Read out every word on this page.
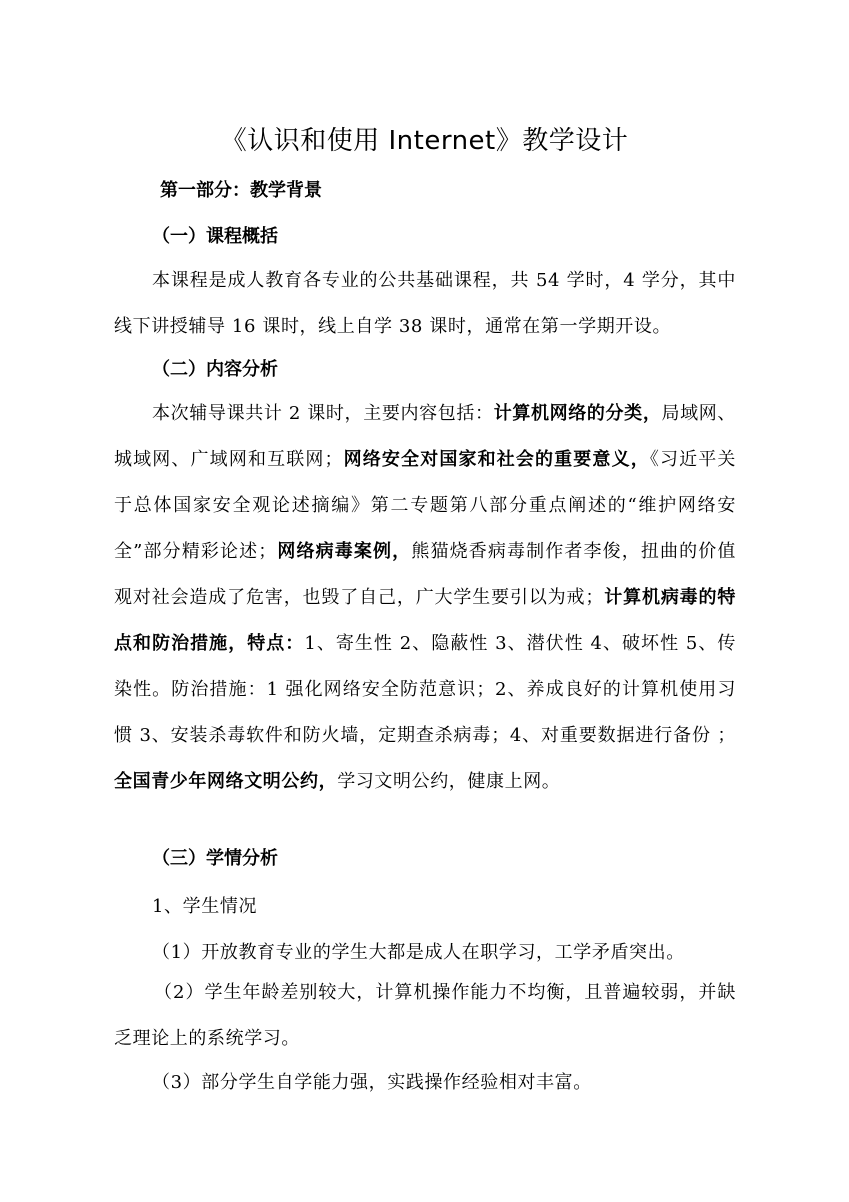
《认识和使用 Internet》教学设计
第一部分：教学背景
（一）课程概括

本课程是成人教育各专业的公共基础课程，共 54 学时，4 学分，其中线下讲授辅导 16 课时，线上自学 38 课时，通常在第一学期开设。

（二）内容分析

本次辅导课共计 2 课时，主要内容包括：计算机网络的分类，局域网、城域网、广域网和互联网；网络安全对国家和社会的重要意义，《习近平关于总体国家安全观论述摘编》第二专题第八部分重点阐述的“维护网络安全”部分精彩论述；网络病毒案例，熊猫烧香病毒制作者李俊，扭曲的价值观对社会造成了危害，也毁了自己，广大学生要引以为戒；计算机病毒的特点和防治措施，特点：1、寄生性 2、隐蔽性 3、潜伏性 4、破坏性 5、传染性。防治措施：1 强化网络安全防范意识；2、养成良好的计算机使用习惯 3、安装杀毒软件和防火墙，定期查杀病毒；4、对重要数据进行备份 ；全国青少年网络文明公约，学习文明公约，健康上网。

（三）学情分析
1、学生情况
（1）开放教育专业的学生大都是成人在职学习，工学矛盾突出。

（2）学生年龄差别较大，计算机操作能力不均衡，且普遍较弱，并缺乏理论上的系统学习。

（3）部分学生自学能力强，实践操作经验相对丰富。
